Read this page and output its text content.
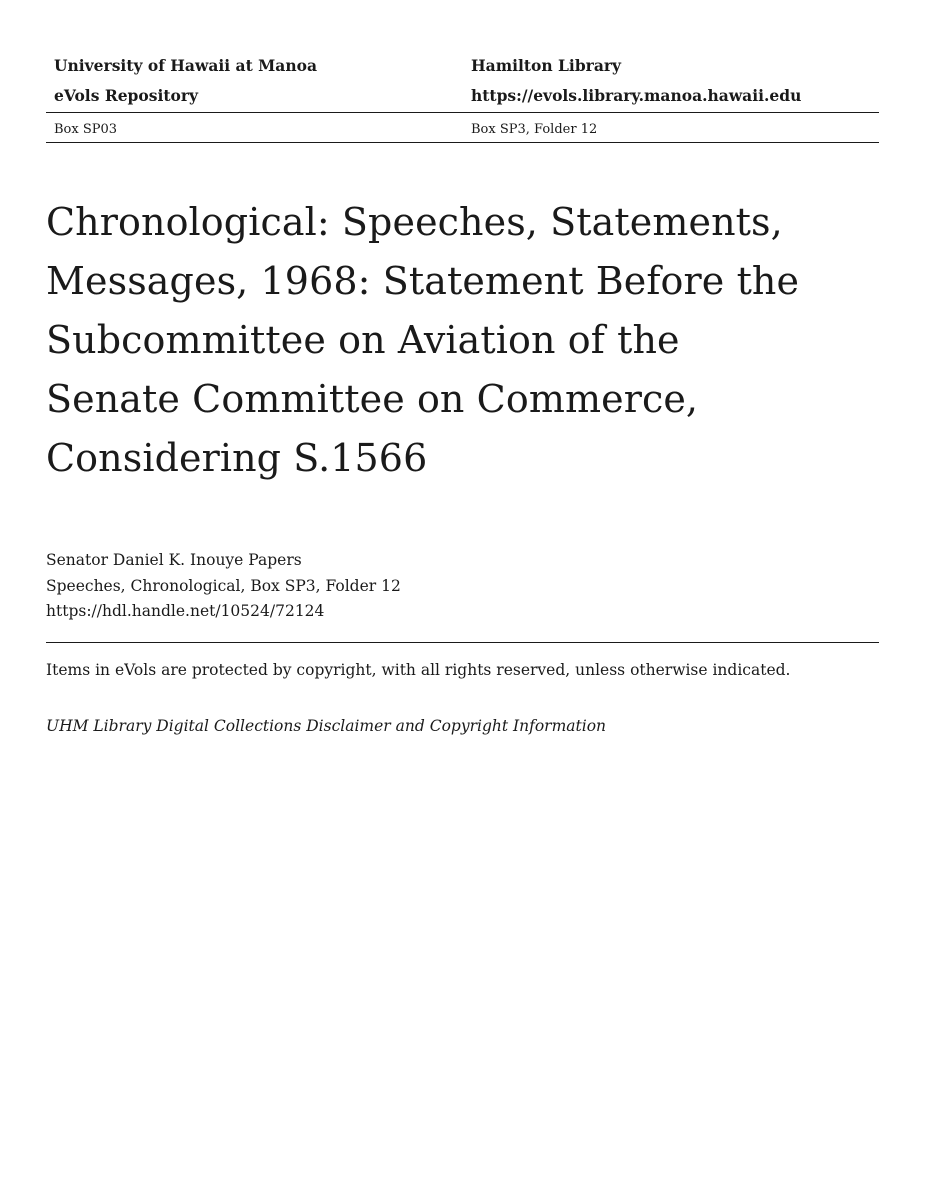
University of Hawaii at Manoa	Hamilton Library
eVols Repository	https://evols.library.manoa.hawaii.edu
Box SP03	Box SP3, Folder 12
Chronological: Speeches, Statements, Messages, 1968: Statement Before the Subcommittee on Aviation of the Senate Committee on Commerce, Considering S.1566
Senator Daniel K. Inouye Papers
Speeches, Chronological, Box SP3, Folder 12
https://hdl.handle.net/10524/72124
Items in eVols are protected by copyright, with all rights reserved, unless otherwise indicated.
UHM Library Digital Collections Disclaimer and Copyright Information
